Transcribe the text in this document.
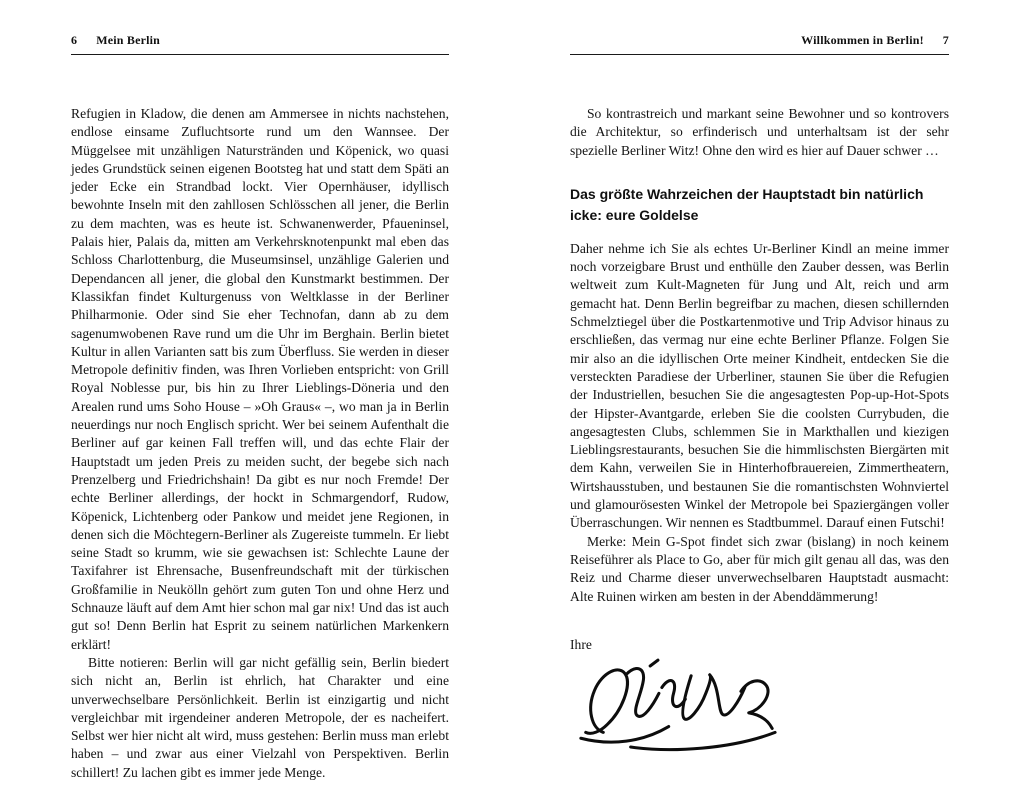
6 Mein Berlin

Refugien in Kladow, die denen am Ammersee in nichts nachstehen, endlose einsame Zufluchtsorte rund um den Wannsee. Der Müggelsee mit unzähligen Naturstränden und Köpenick, wo quasi jedes Grundstück seinen eigenen Bootsteg hat und statt dem Späti an jeder Ecke ein Strandbad lockt. Vier Opernhäuser, idyllisch bewohnte Inseln mit den zahllosen Schlösschen all jener, die Berlin zu dem machten, was es heute ist. Schwanenwerder, Pfaueninsel, Palais hier, Palais da, mitten am Verkehrsknotenpunkt mal eben das Schloss Charlottenburg, die Museumsinsel, unzählige Galerien und Dependancen all jener, die global den Kunstmarkt bestimmen. Der Klassikfan findet Kulturgenuss von Weltklasse in der Berliner Philharmonie. Oder sind Sie eher Technofan, dann ab zu dem sagenumwobenen Rave rund um die Uhr im Berghain. Berlin bietet Kultur in allen Varianten satt bis zum Überfluss. Sie werden in dieser Metropole definitiv finden, was Ihren Vorlieben entspricht: von Grill Royal Noblesse pur, bis hin zu Ihrer Lieblings-Döneria und den Arealen rund ums Soho House – »Oh Graus« –, wo man ja in Berlin neuerdings nur noch Englisch spricht. Wer bei seinem Aufenthalt die Berliner auf gar keinen Fall treffen will, und das echte Flair der Hauptstadt um jeden Preis zu meiden sucht, der begebe sich nach Prenzelberg und Friedrichshain! Da gibt es nur noch Fremde! Der echte Berliner allerdings, der hockt in Schmargendorf, Rudow, Köpenick, Lichtenberg oder Pankow und meidet jene Regionen, in denen sich die Möchtegern-Berliner als Zugereiste tummeln. Er liebt seine Stadt so krumm, wie sie gewachsen ist: Schlechte Laune der Taxifahrer ist Ehrensache, Busenfreundschaft mit der türkischen Großfamilie in Neukölln gehört zum guten Ton und ohne Herz und Schnauze läuft auf dem Amt hier schon mal gar nix! Und das ist auch gut so! Denn Berlin hat Esprit zu seinem natürlichen Markenkern erklärt!

Bitte notieren: Berlin will gar nicht gefällig sein, Berlin biedert sich nicht an, Berlin ist ehrlich, hat Charakter und eine unverwechselbare Persönlichkeit. Berlin ist einzigartig und nicht vergleichbar mit irgendeiner anderen Metropole, der es nacheifert. Selbst wer hier nicht alt wird, muss gestehen: Berlin muss man erlebt haben – und zwar aus einer Vielzahl von Perspektiven. Berlin schillert! Zu lachen gibt es immer jede Menge.

Willkommen in Berlin! 7

So kontrastreich und markant seine Bewohner und so kontrovers die Architektur, so erfinderisch und unterhaltsam ist der sehr spezielle Berliner Witz! Ohne den wird es hier auf Dauer schwer …

Das größte Wahrzeichen der Hauptstadt bin natürlich icke: eure Goldelse

Daher nehme ich Sie als echtes Ur-Berliner Kindl an meine immer noch vorzeigbare Brust und enthülle den Zauber dessen, was Berlin weltweit zum Kult-Magneten für Jung und Alt, reich und arm gemacht hat. Denn Berlin begreifbar zu machen, diesen schillernden Schmelztiegel über die Postkartenmotive und Trip Advisor hinaus zu erschließen, das vermag nur eine echte Berliner Pflanze. Folgen Sie mir also an die idyllischen Orte meiner Kindheit, entdecken Sie die versteckten Paradiese der Urberliner, staunen Sie über die Refugien der Industriellen, besuchen Sie die angesagtesten Pop-up-Hot-Spots der Hipster-Avantgarde, erleben Sie die coolsten Currybuden, die angesagtesten Clubs, schlemmen Sie in Markthallen und kiezigen Lieblingsrestaurants, besuchen Sie die himmlischsten Biergärten mit dem Kahn, verweilen Sie in Hinterhofbrauereien, Zimmertheatern, Wirtshausstuben, und bestaunen Sie die romantischsten Wohnviertel und glamourösesten Winkel der Metropole bei Spaziergängen voller Überraschungen. Wir nennen es Stadtbummel. Darauf einen Futschi!

Merke: Mein G-Spot findet sich zwar (bislang) in noch keinem Reiseführer als Place to Go, aber für mich gilt genau all das, was den Reiz und Charme dieser unverwechselbaren Hauptstadt ausmacht: Alte Ruinen wirken am besten in der Abenddämmerung!

Ihre
